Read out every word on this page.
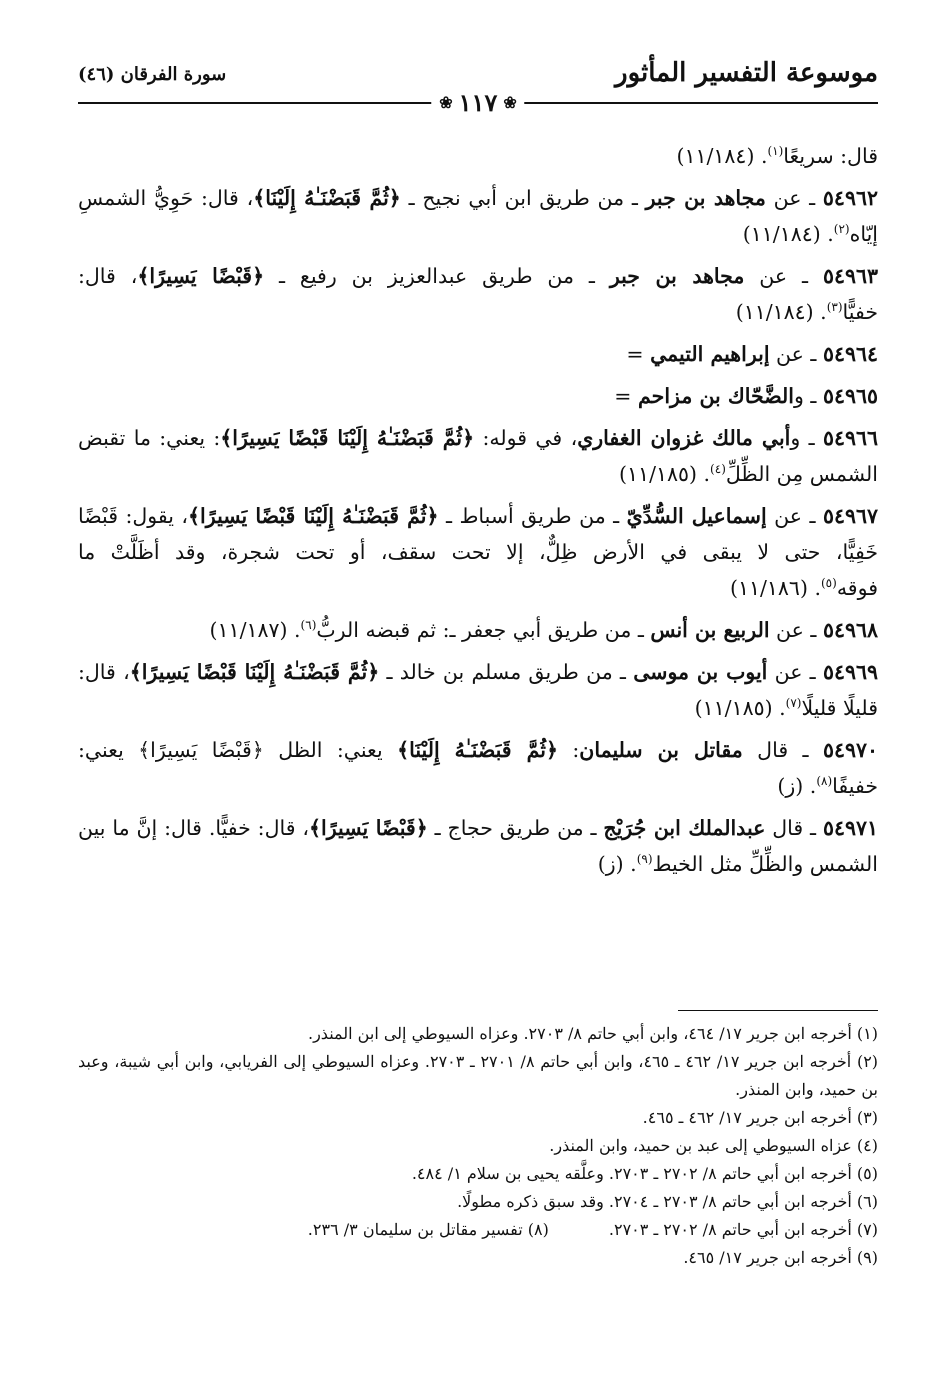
موسوعة التفسير المأثور
سورة الفرقان (٤٦)
❀
١١٧
❀

قال: سريعًا$^{(١)}$. (١١/١٨٤)

٥٤٩٦٢ ـ عن مجاهد بن جبر ـ من طريق ابن أبي نجيح ـ ﴿ثُمَّ قَبَضْنَـٰهُ إِلَيْنَا﴾، قال: حَوِيُّ الشمسِ إيّاه$^{(٢)}$. (١١/١٨٤)

٥٤٩٦٣ ـ عن مجاهد بن جبر ـ من طريق عبدالعزيز بن رفيع ـ ﴿قَبْضًا يَسِيرًا﴾، قال: خفيًّا$^{(٣)}$. (١١/١٨٤)

٥٤٩٦٤ ـ عن إبراهيم التيمي =

٥٤٩٦٥ ـ والضَّحّاك بن مزاحم =

٥٤٩٦٦ ـ وأبي مالك غزوان الغفاري، في قوله: ﴿ثُمَّ قَبَضْنَـٰهُ إِلَيْنَا قَبْضًا يَسِيرًا﴾: يعني: ما تقبض الشمس مِن الظِّلِّ$^{(٤)}$. (١١/١٨٥)

٥٤٩٦٧ ـ عن إسماعيل السُّدِّيّ ـ من طريق أسباط ـ ﴿ثُمَّ قَبَضْنَـٰهُ إِلَيْنَا قَبْضًا يَسِيرًا﴾، يقول: قَبْضًا خَفِيًّا، حتى لا يبقى في الأرض ظِلٌّ، إلا تحت سقف، أو تحت شجرة، وقد أظَلَّتْ ما فوقه$^{(٥)}$. (١١/١٨٦)

٥٤٩٦٨ ـ عن الربيع بن أنس ـ من طريق أبي جعفر ـ: ثم قبضه الربُّ$^{(٦)}$. (١١/١٨٧)

٥٤٩٦٩ ـ عن أيوب بن موسى ـ من طريق مسلم بن خالد ـ ﴿ثُمَّ قَبَضْنَـٰهُ إِلَيْنَا قَبْضًا يَسِيرًا﴾، قال: قليلًا قليلًا$^{(٧)}$. (١١/١٨٥)

٥٤٩٧٠ ـ قال مقاتل بن سليمان: ﴿ثُمَّ قَبَضْنَـٰهُ إِلَيْنَا﴾ يعني: الظل ﴿قَبْضًا يَسِيرًا﴾ يعني: خفيفًا$^{(٨)}$. (ز)

٥٤٩٧١ ـ قال عبدالملك ابن جُرَيْج ـ من طريق حجاج ـ ﴿قَبْضًا يَسِيرًا﴾، قال: خفيًّا. قال: إنَّ ما بين الشمس والظِّلِّ مثل الخيط$^{(٩)}$. (ز)

(١) أخرجه ابن جرير ١٧/ ٤٦٤، وابن أبي حاتم ٨/ ٢٧٠٣. وعزاه السيوطي إلى ابن المنذر.

(٢) أخرجه ابن جرير ١٧/ ٤٦٢ ـ ٤٦٥، وابن أبي حاتم ٨/ ٢٧٠١ ـ ٢٧٠٣. وعزاه السيوطي إلى الفريابي، وابن أبي شيبة، وعبد بن حميد، وابن المنذر.

(٣) أخرجه ابن جرير ١٧/ ٤٦٢ ـ ٤٦٥.

(٤) عزاه السيوطي إلى عبد بن حميد، وابن المنذر.

(٥) أخرجه ابن أبي حاتم ٨/ ٢٧٠٢ ـ ٢٧٠٣. وعلَّقه يحيى بن سلام ١/ ٤٨٤.

(٦) أخرجه ابن أبي حاتم ٨/ ٢٧٠٣ ـ ٢٧٠٤. وقد سبق ذكره مطولًا.

(٧) أخرجه ابن أبي حاتم ٨/ ٢٧٠٢ ـ ٢٧٠٣.
(٨) تفسير مقاتل بن سليمان ٣/ ٢٣٦.

(٩) أخرجه ابن جرير ١٧/ ٤٦٥.
